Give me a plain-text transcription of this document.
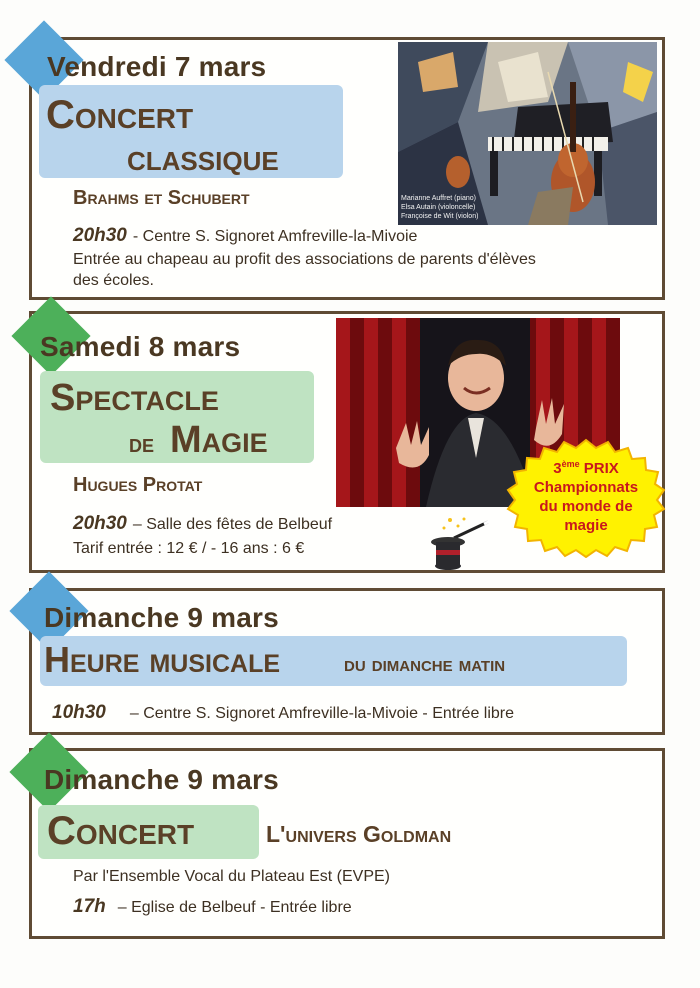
Vendredi 7 mars
Concert
classique
Brahms et Schubert
20h30 - Centre S. Signoret Amfreville-la-Mivoie
Entrée au chapeau au profit des associations de parents d'élèves
des écoles.
Marianne Auffret (piano)
Elsa Autain (violoncelle)
Françoise de Wit (violon)
Samedi 8 mars
Spectacle
de Magie
Hugues Protat
20h30 – Salle des fêtes de Belbeuf
Tarif entrée : 12 € / - 16 ans : 6 €
3ème PRIX
Championnats
du monde de
magie
Dimanche 9 mars
Heure musicale	du dimanche matin
10h30 – Centre S. Signoret Amfreville-la-Mivoie - Entrée libre
Dimanche 9 mars
Concert	L'univers Goldman
Par l'Ensemble Vocal du Plateau Est (EVPE)
17h – Eglise de Belbeuf - Entrée libre
